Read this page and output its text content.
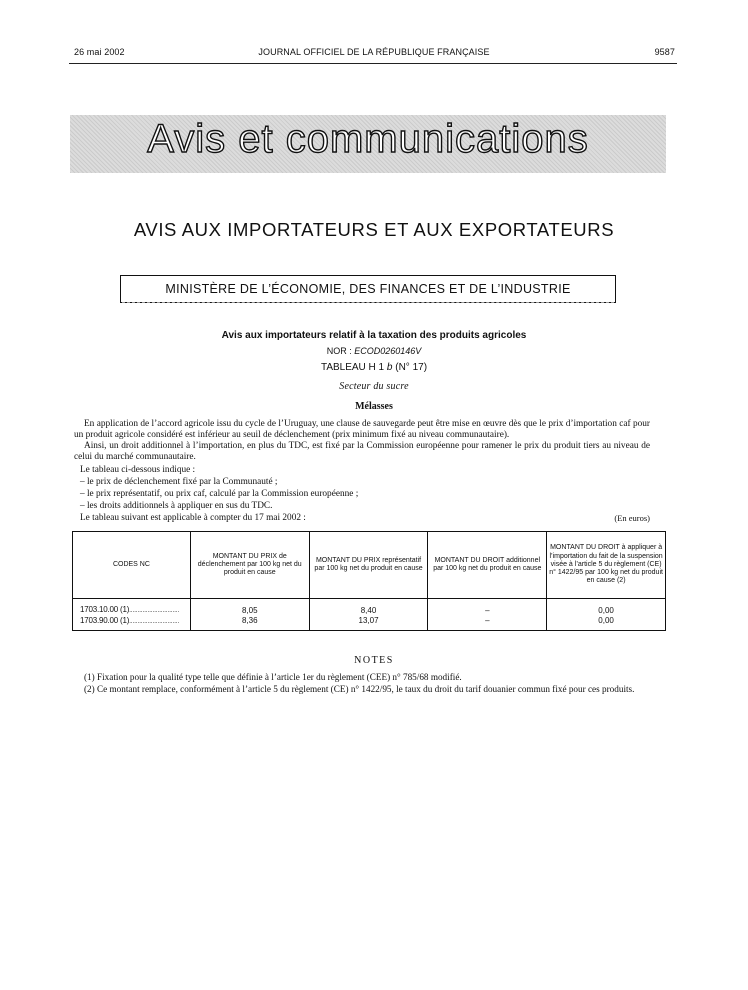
26 mai 2002	JOURNAL OFFICIEL DE LA RÉPUBLIQUE FRANÇAISE	9587
Avis et communications
AVIS AUX IMPORTATEURS ET AUX EXPORTATEURS
MINISTÈRE DE L’ÉCONOMIE, DES FINANCES ET DE L’INDUSTRIE
Avis aux importateurs relatif à la taxation des produits agricoles
NOR : ECOD0260146V
TABLEAU H 1 b (N° 17)
Secteur du sucre
Mélasses
En application de l’accord agricole issu du cycle de l’Uruguay, une clause de sauvegarde peut être mise en œuvre dès que le prix d’importation caf pour un produit agricole considéré est inférieur au seuil de déclenchement (prix minimum fixé au niveau communautaire).
Ainsi, un droit additionnel à l’importation, en plus du TDC, est fixé par la Commission européenne pour ramener le prix du produit tiers au niveau de celui du marché communautaire.
Le tableau ci-dessous indique :
– le prix de déclenchement fixé par la Communauté ;
– le prix représentatif, ou prix caf, calculé par la Commission européenne ;
– les droits additionnels à appliquer en sus du TDC.
Le tableau suivant est applicable à compter du 17 mai 2002 :	(En euros)
CODES NC	MONTANT DU PRIX de déclenchement par 100 kg net du produit en cause	MONTANT DU PRIX représentatif par 100 kg net du produit en cause	MONTANT DU DROIT additionnel par 100 kg net du produit en cause	MONTANT DU DROIT à appliquer à l’importation du fait de la suspension visée à l’article 5 du règlement (CE) n° 1422/95 par 100 kg net du produit en cause (2)

1703.10.00 (1)..............................	8,05	8,40	–	0,00
1703.90.00 (1)..............................	8,36	13,07	–	0,00
NOTES
(1) Fixation pour la qualité type telle que définie à l’article 1er du règlement (CEE) n° 785/68 modifié.
(2) Ce montant remplace, conformément à l’article 5 du règlement (CE) n° 1422/95, le taux du droit du tarif douanier commun fixé pour ces produits.
